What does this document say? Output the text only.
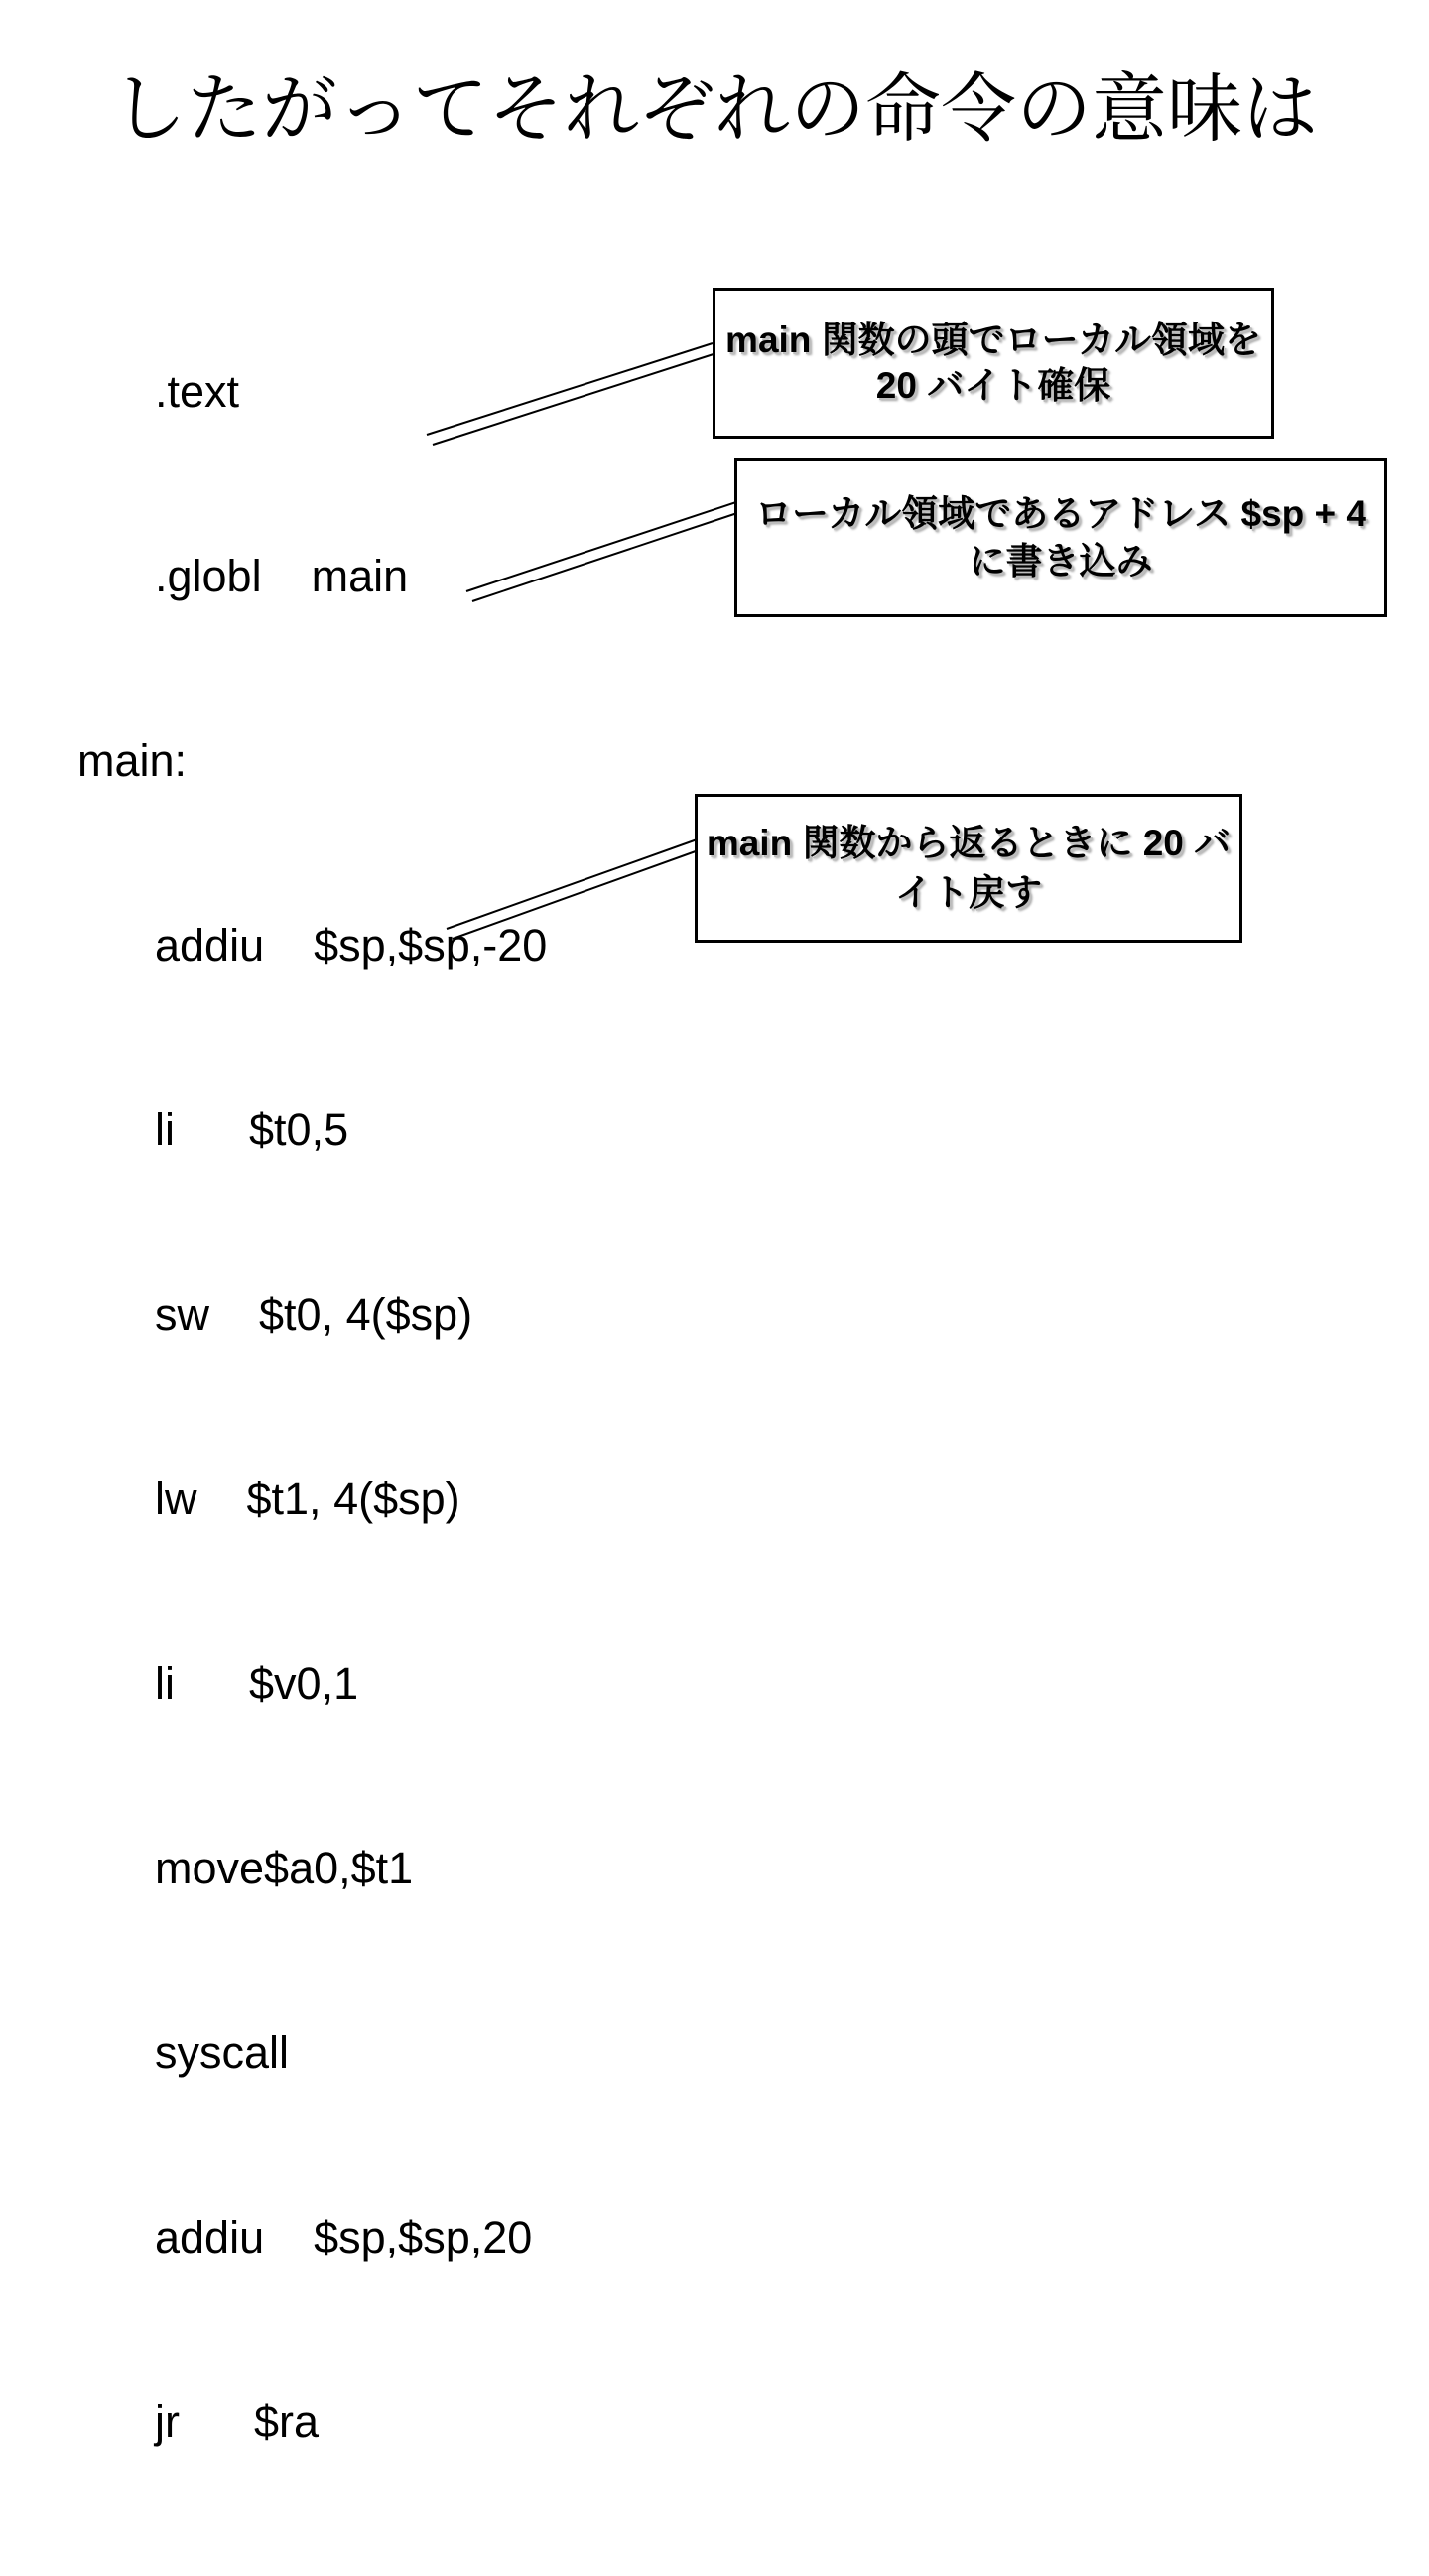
したがってそれぞれの命令の意味は

.text

.globl    main

main:

addiu    $sp,$sp,-20

li      $t0,5

sw    $t0, 4($sp)

lw    $t1, 4($sp)

li      $v0,1

move$a0,$t1

syscall

addiu    $sp,$sp,20

jr      $ra

main 関数の頭でローカル領域を 20 バイト確保
ローカル領域であるアドレス $sp + 4 に書き込み
main 関数から返るときに 20 バイト戻す
